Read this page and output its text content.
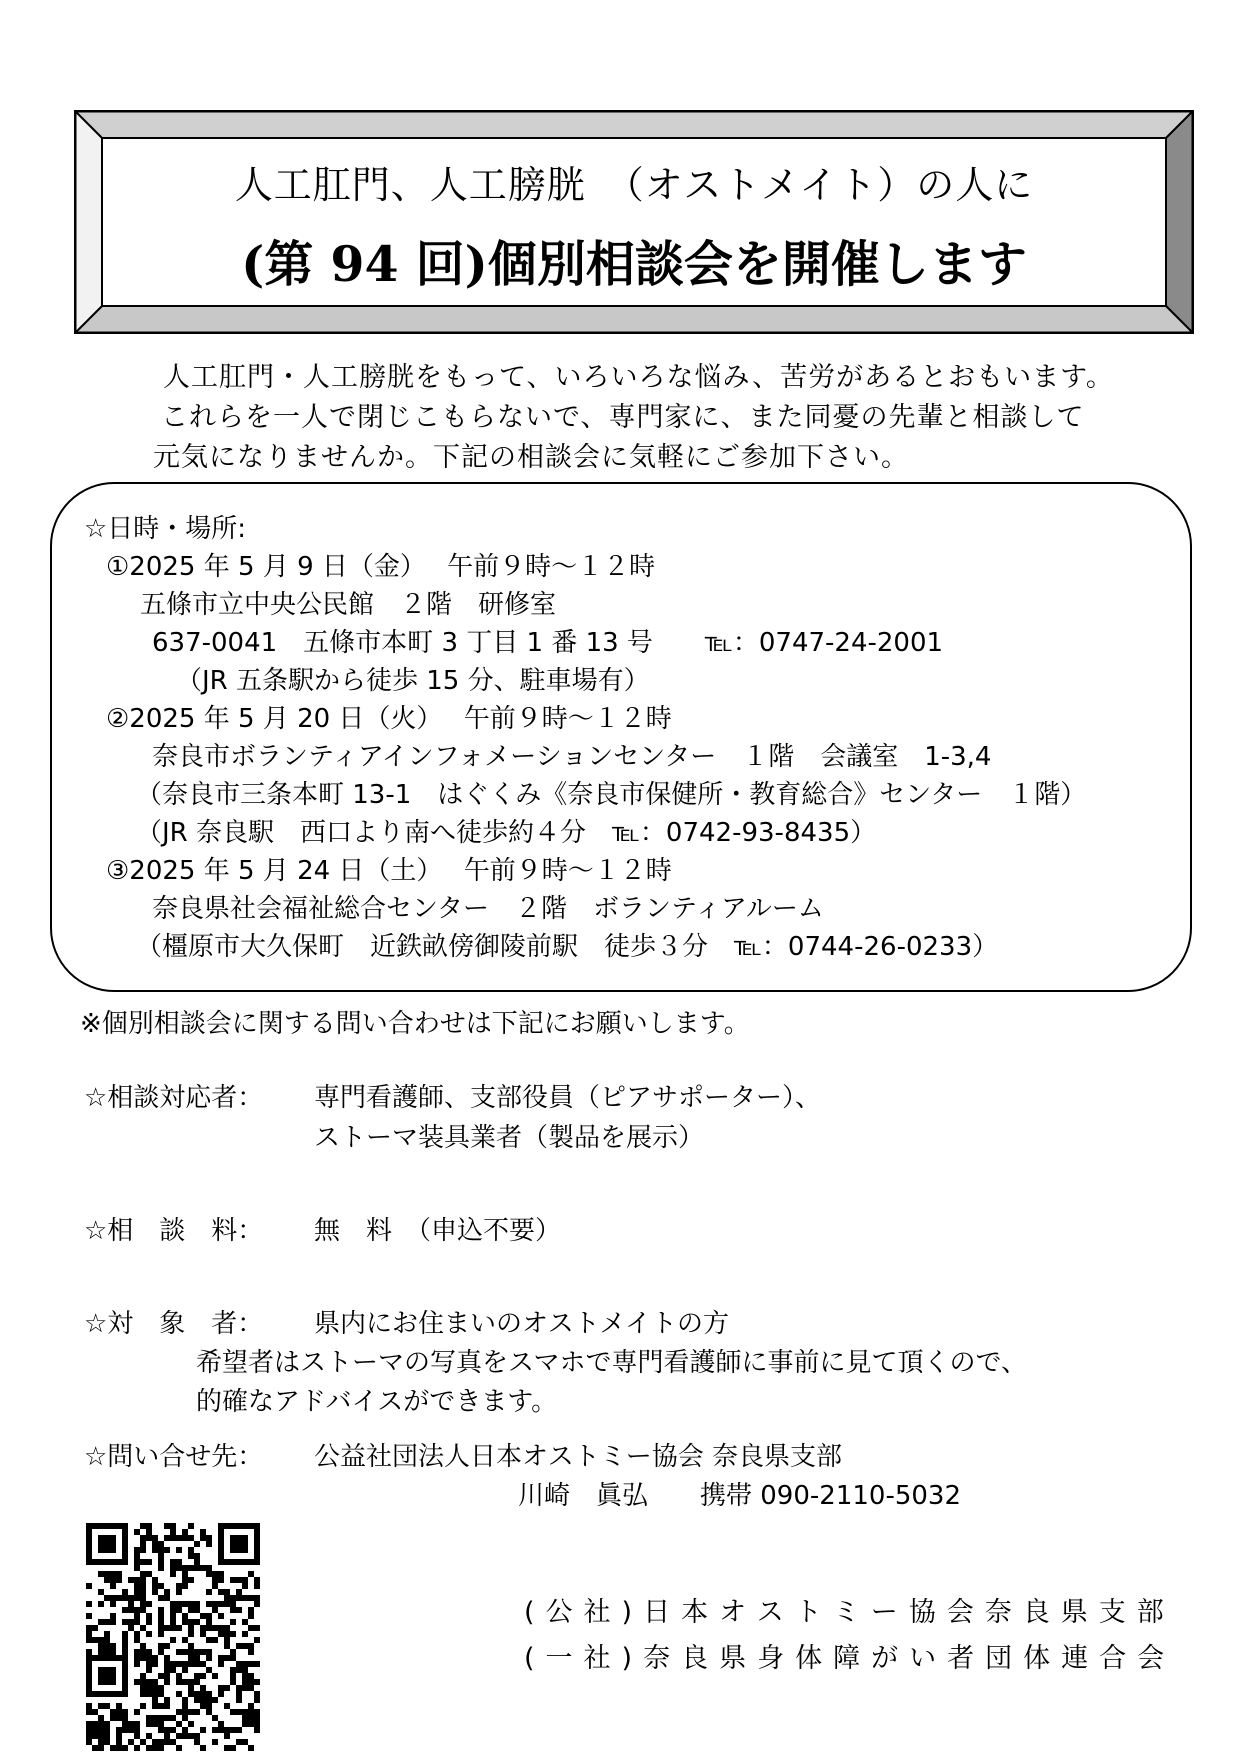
人工肛門、人工膀胱　（オストメイト）の人に
(第 94 回)個別相談会を開催します
人工肛門・人工膀胱をもって、いろいろな悩み、苦労があるとおもいます。
これらを一人で閉じこもらないで、専門家に、また同憂の先輩と相談して
元気になりませんか。下記の相談会に気軽にご参加下さい。
☆日時・場所:
①2025 年 5 月 9 日（金）　 午前９時～１２時
五條市立中央公民館　２階　研修室
637-0041　五條市本町 3 丁目 1 番 13 号　　℡：0747-24-2001
（JR 五条駅から徒歩 15 分、駐車場有）
②2025 年 5 月 20 日（火）　 午前９時～１２時
奈良市ボランティアインフォメーションセンター　１階　会議室　1-3,4
（奈良市三条本町 13-1　はぐくみ《奈良市保健所・教育総合》センター　１階）
（JR 奈良駅　西口より南へ徒歩約４分　℡：0742-93-8435）
③2025 年 5 月 24 日（土）　 午前９時～１２時
奈良県社会福祉総合センター　２階　ボランティアルーム
（橿原市大久保町　近鉄畝傍御陵前駅　徒歩３分　℡：0744-26-0233）
※個別相談会に関する問い合わせは下記にお願いします。
☆相談対応者： 専門看護師、支部役員（ピアサポーター）、
ストーマ装具業者（製品を展示）
☆相　談　料： 無　料　（申込不要）
☆対　象　者： 県内にお住まいのオストメイトの方
希望者はストーマの写真をスマホで専門看護師に事前に見て頂くので、
的確なアドバイスができます。
☆問い合せ先： 公益社団法人日本オストミー協会 奈良県支部
川崎　眞弘　　携帯 090-2110-5032
(公社)日本オストミー協会奈良県支部
(一社)奈良県身体障がい者団体連合会
